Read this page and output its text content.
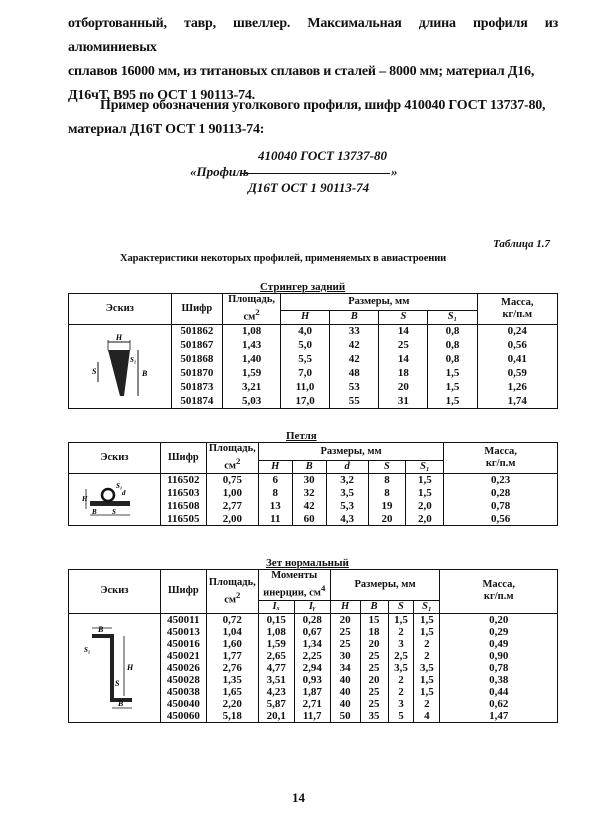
отбортованный, тавр, швеллер. Максимальная длина профиля из алюминиевых
сплавов 16000 мм, из титановых сплавов и сталей – 8000 мм; материал Д16,
Д16чТ, В95 по ОСТ 1 90113-74.
Пример обозначения уголкового профиля, шифр 410040 ГОСТ 13737-80,
материал Д16Т ОСТ 1 90113-74:
410040 ГОСТ 13737-80
«Профиль	»
Д16Т ОСТ 1 90113-74
Таблица 1.7
Характеристики некоторых профилей, применяемых в авиастроении
Стрингер задний
Эскиз	Шифр	Площадь,
$см^2$	Размеры, мм				Масса,
кг/п.м
			H	B	S	S₁	

H
B
S
S₁	501862	1,08	4,0	33	14	0,8	0,24
	501867	1,43	5,0	42	25	0,8	0,56
	501868	1,40	5,5	42	14	0,8	0,41
	501870	1,59	7,0	48	18	1,5	0,59
	501873	3,21	11,0	53	20	1,5	1,26
	501874	5,03	17,0	55	31	1,5	1,74
Петля
Эскиз	Шифр	Площадь,
$см^2$	Размеры, мм					Масса,
кг/п.м
			H	B	d	S	S₁	

S₁
d
H
B S	116502	0,75	6	30	3,2	8	1,5	0,23
	116503	1,00	8	32	3,5	8	1,5	0,28
	116508	2,77	13	42	5,3	19	2,0	0,78
	116505	2,00	11	60	4,3	20	2,0	0,56
Зет нормальный
Эскиз	Шифр	Площадь,
$см^2$	Моменты инерции, $см^4$		Размеры, мм				Масса,
кг/п.м
			Iₓ	Iᵧ	H	B	S	S₁	

B
H
S
B
S₁	450011	0,72	0,15	0,28	20	15	1,5	1,5	0,20
	450013	1,04	1,08	0,67	25	18	2	1,5	0,29
	450016	1,60	1,59	1,34	25	20	3	2	0,49
	450021	1,77	2,65	2,25	30	25	2,5	2	0,90
	450026	2,76	4,77	2,94	34	25	3,5	3,5	0,78
	450028	1,35	3,51	0,93	40	20	2	1,5	0,38
	450038	1,65	4,23	1,87	40	25	2	1,5	0,44
	450040	2,20	5,87	2,71	40	25	3	2	0,62
	450060	5,18	20,1	11,7	50	35	5	4	1,47
14
